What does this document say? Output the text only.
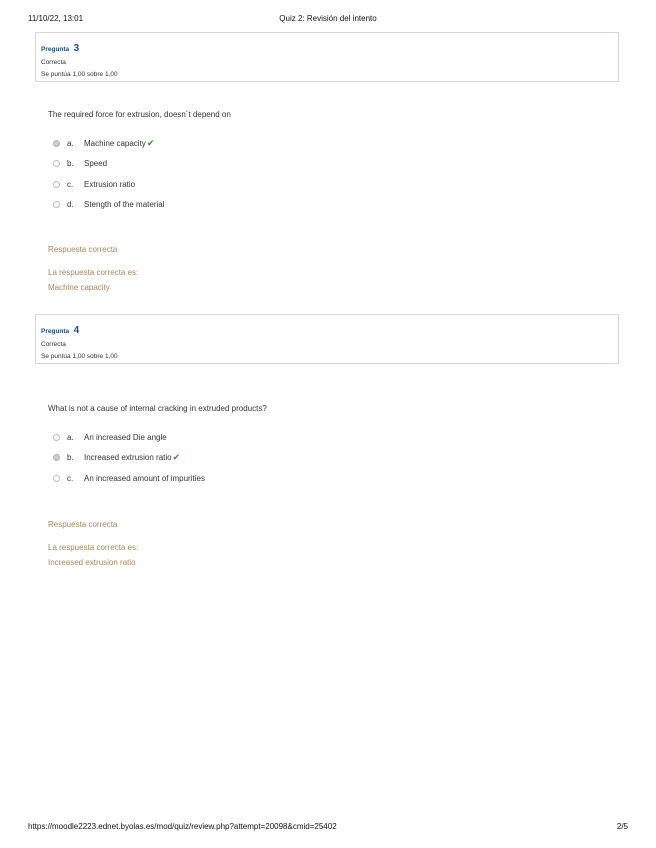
11/10/22, 13:01	Quiz 2: Revisión del intento
Pregunta 3
Correcta
Se puntúa 1,00 sobre 1,00
The required force for extrusion, doesn´t depend on
a.	Machine capacity ✔
b.	Speed
c.	Extrusion ratio
d.	Stength of the material
Respuesta correcta
La respuesta correcta es:
Machine capacity
Pregunta 4
Correcta
Se puntúa 1,00 sobre 1,00
What is not a cause of internal cracking in extruded products?
a.	An increased Die angle
b.	Increased extrusion ratio ✔
c.	An increased amount of impurities
Respuesta correcta
La respuesta correcta es:
Increased extrusion ratio
https://moodle2223.ednet.byolas.es/mod/quiz/review.php?attempt=20098&cmid=25402	2/5
